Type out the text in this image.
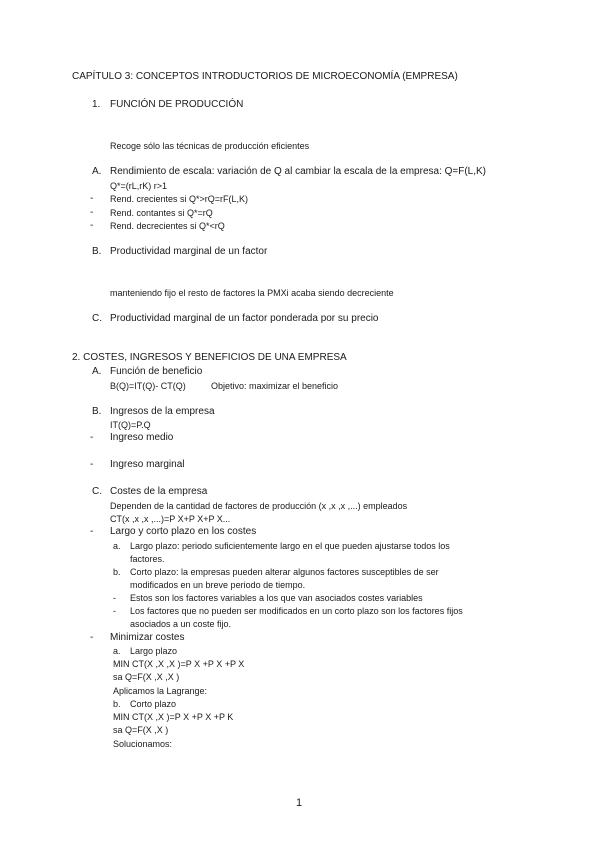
CAPÍTULO 3: CONCEPTOS INTRODUCTORIOS DE MICROECONOMÍA (EMPRESA)
1. FUNCIÓN DE PRODUCCIÓN
Recoge sólo las técnicas de producción eficientes
A. Rendimiento de escala: variación de Q al cambiar la escala de la empresa: Q=F(L,K)
Q*=(rL,rK) r>1
- Rend. crecientes si Q*>rQ=rF(L,K)
- Rend. contantes si Q*=rQ
- Rend. decrecientes si Q*<rQ
B. Productividad marginal de un factor
manteniendo fijo el resto de factores la PMXi acaba siendo decreciente
C. Productividad marginal de un factor ponderada por su precio
2. COSTES, INGRESOS Y BENEFICIOS DE UNA EMPRESA
A. Función de beneficio
B(Q)=IT(Q)- CT(Q)	Objetivo: maximizar el beneficio
B. Ingresos de la empresa
IT(Q)=P.Q
- Ingreso medio
- Ingreso marginal
C. Costes de la empresa
Dependen de la cantidad de factores de producción (x ,x ,x ,...) empleados
CT(x ,x ,x ,...)=P X+P X+P X...
- Largo y corto plazo en los costes
a. Largo plazo: periodo suficientemente largo en el que pueden ajustarse todos los
factores.
b. Corto plazo: la empresas pueden alterar algunos factores susceptibles de ser
modificados en un breve periodo de tiempo.
- Estos son los factores variables a los que van asociados costes variables
- Los factores que no pueden ser modificados en un corto plazo son los factores fijos
asociados a un coste fijo.
- Minimizar costes
a. Largo plazo
MIN CT(X ,X ,X )=P X +P X +P X
sa Q=F(X ,X ,X )
Aplicamos la Lagrange:
b. Corto plazo
MIN CT(X ,X )=P X +P X +P K
sa Q=F(X ,X )
Solucionamos:
1
